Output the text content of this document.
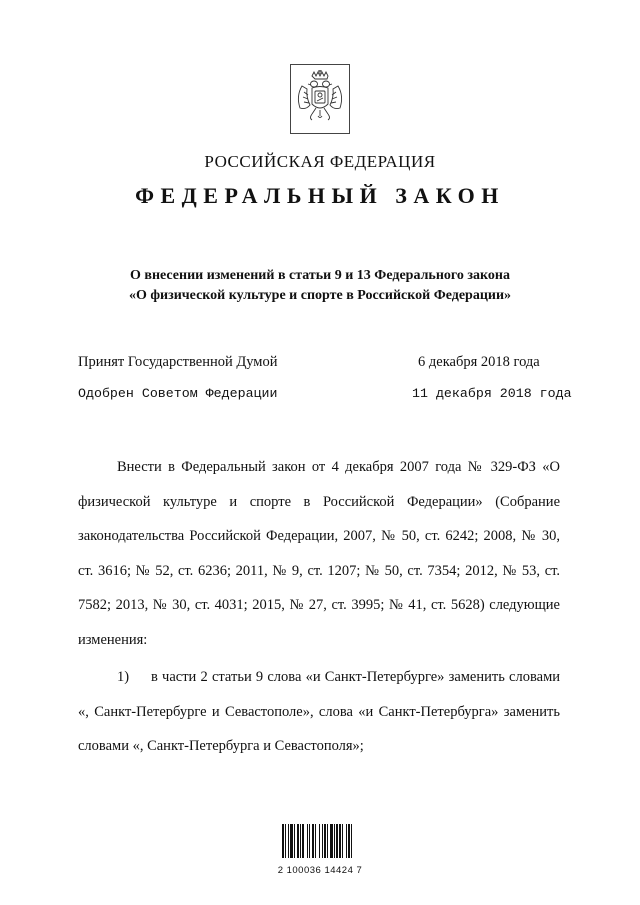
РОССИЙСКАЯ ФЕДЕРАЦИЯ
ФЕДЕРАЛЬНЫЙ ЗАКОН
О внесении изменений в статьи 9 и 13 Федерального закона
«О физической культуре и спорте в Российской Федерации»
Принят Государственной Думой	6 декабря 2018 года
Одобрен Советом Федерации	11 декабря 2018 года

Внести в Федеральный закон от 4 декабря 2007 года № 329-ФЗ «О физической культуре и спорте в Российской Федерации» (Собрание законодательства Российской Федерации, 2007, № 50, ст. 6242; 2008, № 30, ст. 3616; № 52, ст. 6236; 2011, № 9, ст. 1207; № 50, ст. 7354; 2012, № 53, ст. 7582; 2013, № 30, ст. 4031; 2015, № 27, ст. 3995; № 41, ст. 5628) следующие изменения:

1) в части 2 статьи 9 слова «и Санкт-Петербурге» заменить словами «, Санкт-Петербурге и Севастополе», слова «и Санкт-Петербурга» заменить словами «, Санкт-Петербурга и Севастополя»;

2 100036 14424 7
